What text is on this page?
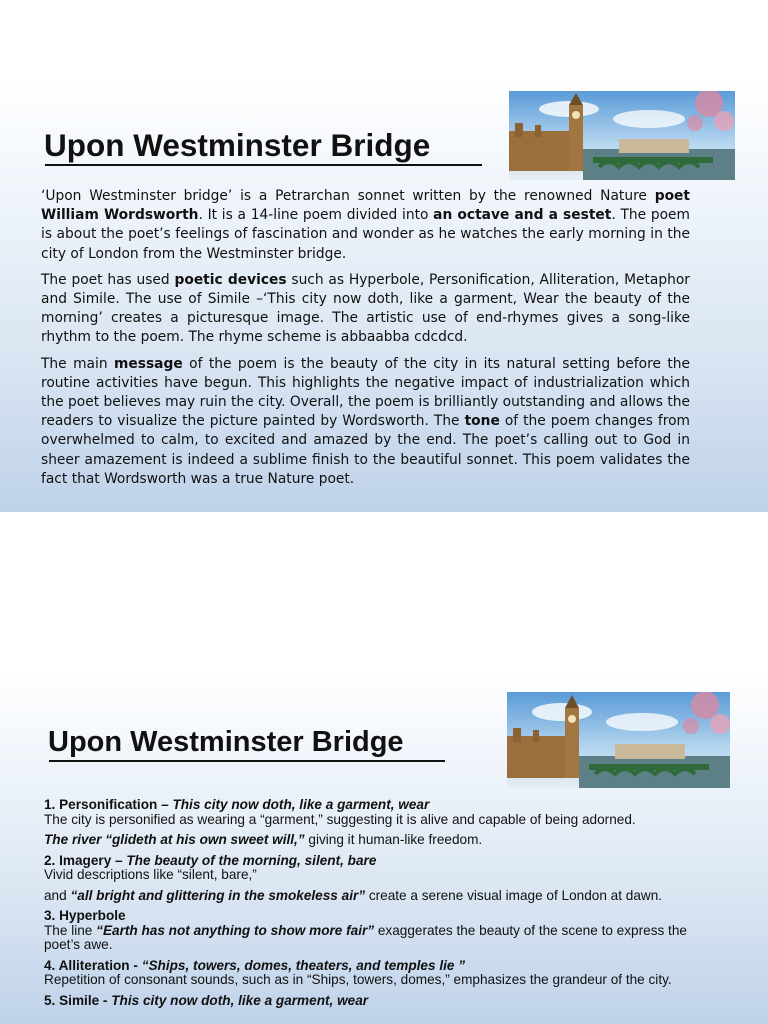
Upon Westminster Bridge

‘Upon Westminster bridge’ is a Petrarchan sonnet written by the renowned Nature poet William Wordsworth. It is a 14-line poem divided into an octave and a sestet. The poem is about the poet’s feelings of fascination and wonder as he watches the early morning in the city of London from the Westminster bridge.

The poet has used poetic devices such as Hyperbole, Personification, Alliteration, Metaphor and Simile. The use of Simile –‘This city now doth, like a garment, Wear the beauty of the morning’ creates a picturesque image. The artistic use of end-rhymes gives a song-like rhythm to the poem. The rhyme scheme is abbaabba cdcdcd.

The main message of the poem is the beauty of the city in its natural setting before the routine activities have begun. This highlights the negative impact of industrialization which the poet believes may ruin the city. Overall, the poem is brilliantly outstanding and allows the readers to visualize the picture painted by Wordsworth. The tone of the poem changes from overwhelmed to calm, to excited and amazed by the end. The poet’s calling out to God in sheer amazement is indeed a sublime finish to the beautiful sonnet. This poem validates the fact that Wordsworth was a true Nature poet.

Upon Westminster Bridge
1. Personification – This city now doth, like a garment, wear
The city is personified as wearing a “garment,” suggesting it is alive and capable of being adorned.
The river “glideth at his own sweet will,” giving it human-like freedom.
2. Imagery – The beauty of the morning, silent, bare
Vivid descriptions like “silent, bare,”
and “all bright and glittering in the smokeless air” create a serene visual image of London at dawn.
3. Hyperbole
The line “Earth has not anything to show more fair” exaggerates the beauty of the scene to express the poet’s awe.
4. Alliteration - “Ships, towers, domes, theaters, and temples lie ”
Repetition of consonant sounds, such as in “Ships, towers, domes,” emphasizes the grandeur of the city.
5. Simile - This city now doth, like a garment, wear
